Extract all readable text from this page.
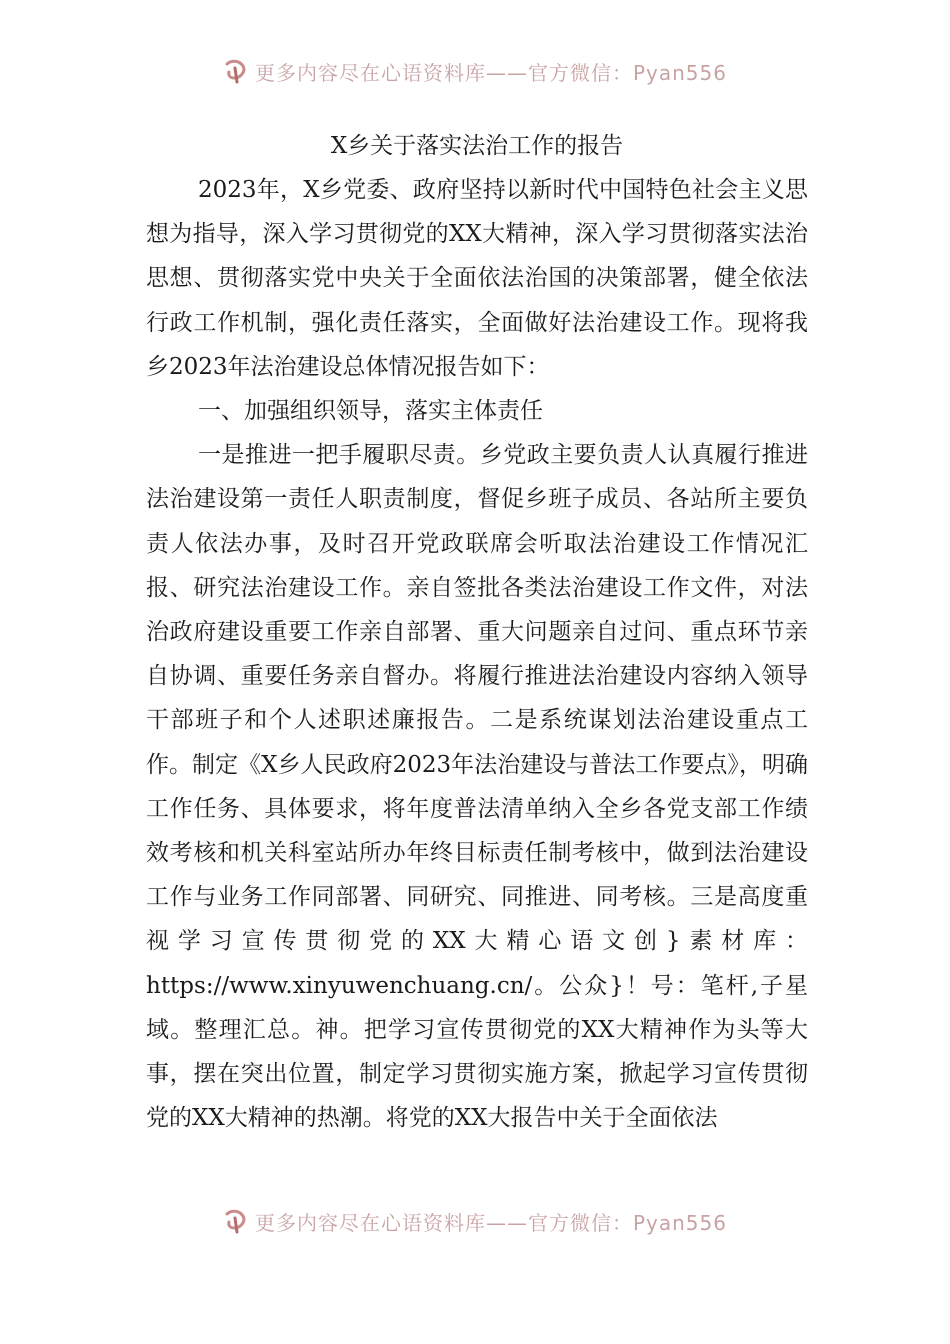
更多内容尽在心语资料库——官方微信：Pyan556
X乡关于落实法治工作的报告

2023年，X乡党委、政府坚持以新时代中国特色社会主义思想为指导，深入学习贯彻党的XX大精神，深入学习贯彻落实法治思想、贯彻落实党中央关于全面依法治国的决策部署，健全依法行政工作机制，强化责任落实，全面做好法治建设工作。现将我乡2023年法治建设总体情况报告如下：

一、加强组织领导，落实主体责任

一是推进一把手履职尽责。乡党政主要负责人认真履行推进法治建设第一责任人职责制度，督促乡班子成员、各站所主要负责人依法办事，及时召开党政联席会听取法治建设工作情况汇报、研究法治建设工作。亲自签批各类法治建设工作文件，对法治政府建设重要工作亲自部署、重大问题亲自过问、重点环节亲自协调、重要任务亲自督办。将履行推进法治建设内容纳入领导干部班子和个人述职述廉报告。二是系统谋划法治建设重点工作。制定《X乡人民政府2023年法治建设与普法工作要点》，明确工作任务、具体要求，将年度普法清单纳入全乡各党支部工作绩效考核和机关科室站所办年终目标责任制考核中，做到法治建设工作与业务工作同部署、同研究、同推进、同考核。三是高度重视学习宣传贯彻党的XX大精心语文创}素材库：https://www.xinyuwenchuang.cn/。公众}！号：笔杆,子星域。整理汇总。神。把学习宣传贯彻党的XX大精神作为头等大事，摆在突出位置，制定学习贯彻实施方案，掀起学习宣传贯彻党的XX大精神的热潮。将党的XX大报告中关于全面依法

更多内容尽在心语资料库——官方微信：Pyan556
